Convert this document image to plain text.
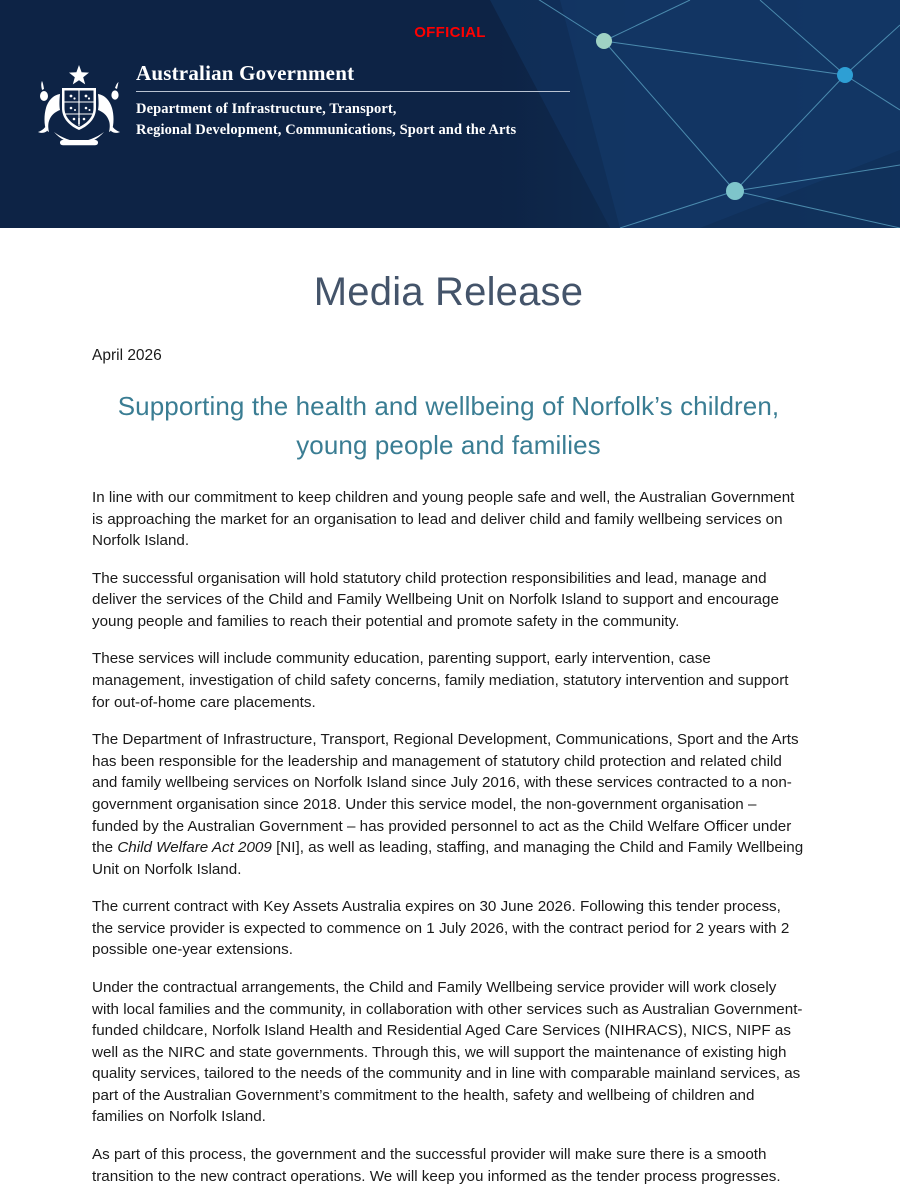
OFFICIAL
Australian Government
Department of Infrastructure, Transport,
Regional Development, Communications, Sport and the Arts
Media Release
April 2026
Supporting the health and wellbeing of Norfolk’s children, young people and families

In line with our commitment to keep children and young people safe and well, the Australian Government is approaching the market for an organisation to lead and deliver child and family wellbeing services on Norfolk Island.

The successful organisation will hold statutory child protection responsibilities and lead, manage and deliver the services of the Child and Family Wellbeing Unit on Norfolk Island to support and encourage young people and families to reach their potential and promote safety in the community.

These services will include community education, parenting support, early intervention, case management, investigation of child safety concerns, family mediation, statutory intervention and support for out-of-home care placements.

The Department of Infrastructure, Transport, Regional Development, Communications, Sport and the Arts has been responsible for the leadership and management of statutory child protection and related child and family wellbeing services on Norfolk Island since July 2016, with these services contracted to a non-government organisation since 2018. Under this service model, the non-government organisation – funded by the Australian Government – has provided personnel to act as the Child Welfare Officer under the Child Welfare Act 2009 [NI], as well as leading, staffing, and managing the Child and Family Wellbeing Unit on Norfolk Island.

The current contract with Key Assets Australia expires on 30 June 2026. Following this tender process, the service provider is expected to commence on 1 July 2026, with the contract period for 2 years with 2 possible one-year extensions.

Under the contractual arrangements, the Child and Family Wellbeing service provider will work closely with local families and the community, in collaboration with other services such as Australian Government-funded childcare, Norfolk Island Health and Residential Aged Care Services (NIHRACS), NICS, NIPF as well as the NIRC and state governments. Through this, we will support the maintenance of existing high quality services, tailored to the needs of the community and in line with comparable mainland services, as part of the Australian Government’s commitment to the health, safety and wellbeing of children and families on Norfolk Island.

As part of this process, the government and the successful provider will make sure there is a smooth transition to the new contract operations. We will keep you informed as the tender process progresses.
